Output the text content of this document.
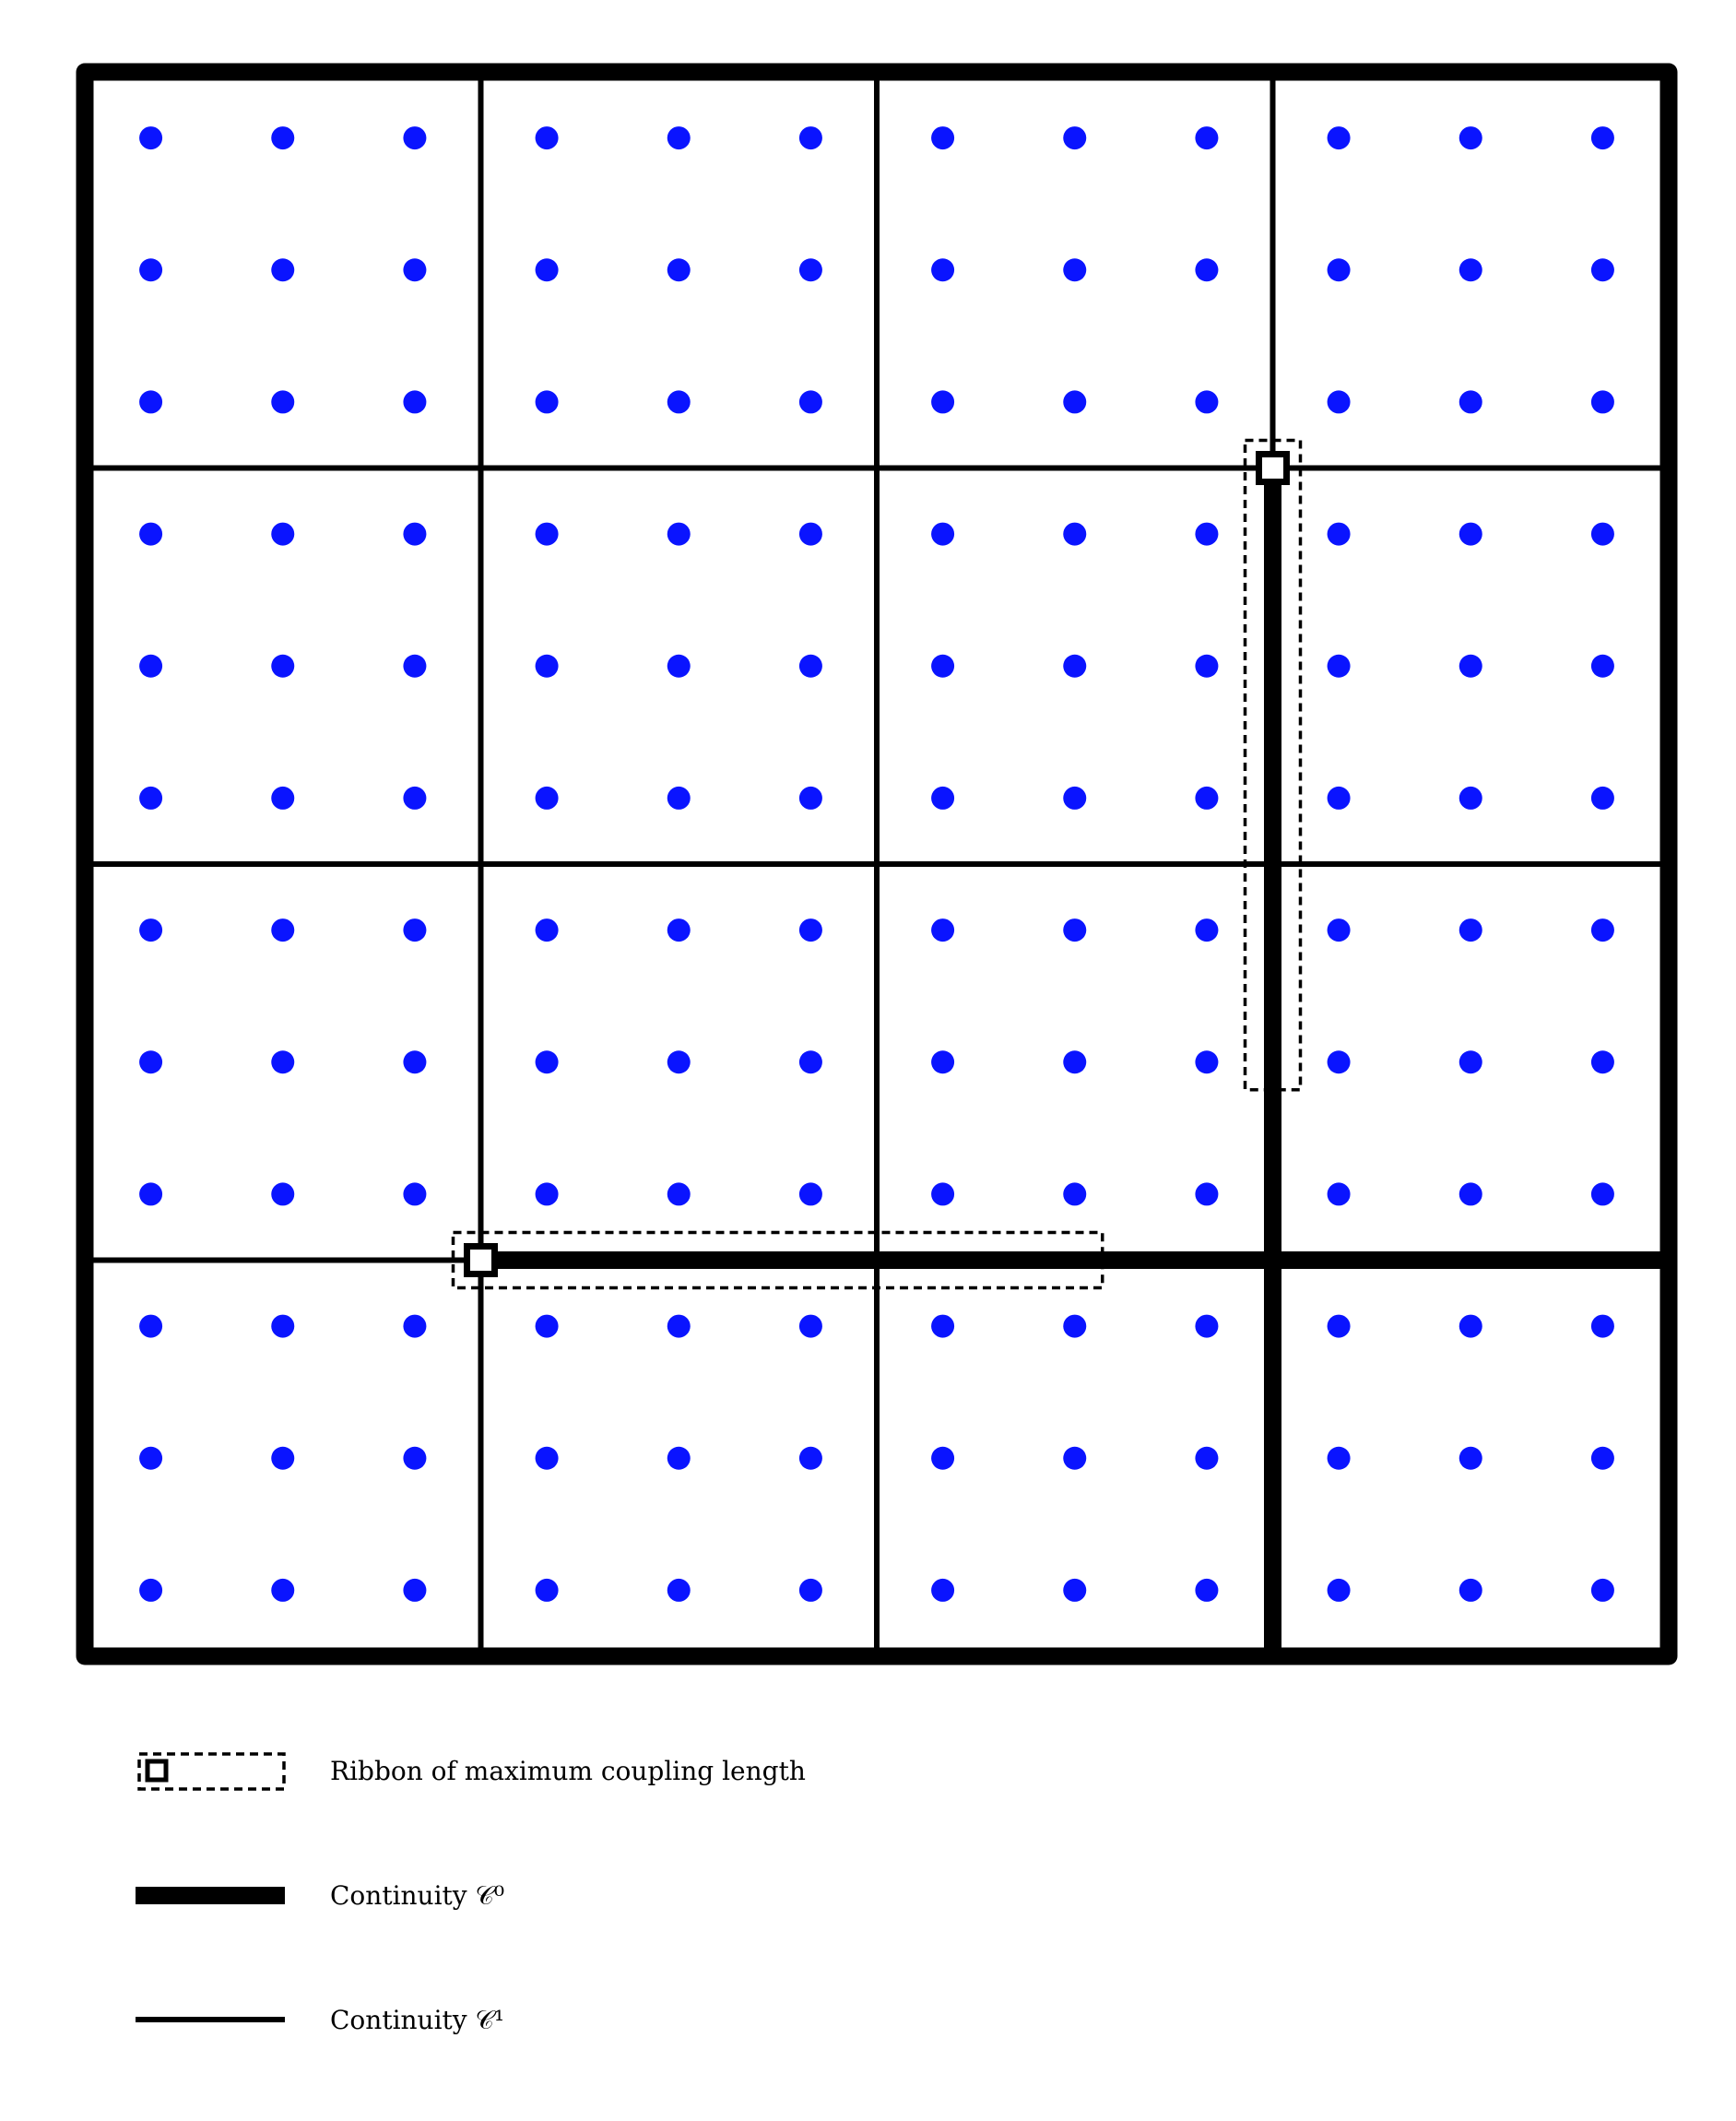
Ribbon of maximum coupling length
Continuity 𝒞⁰
Continuity 𝒞¹
